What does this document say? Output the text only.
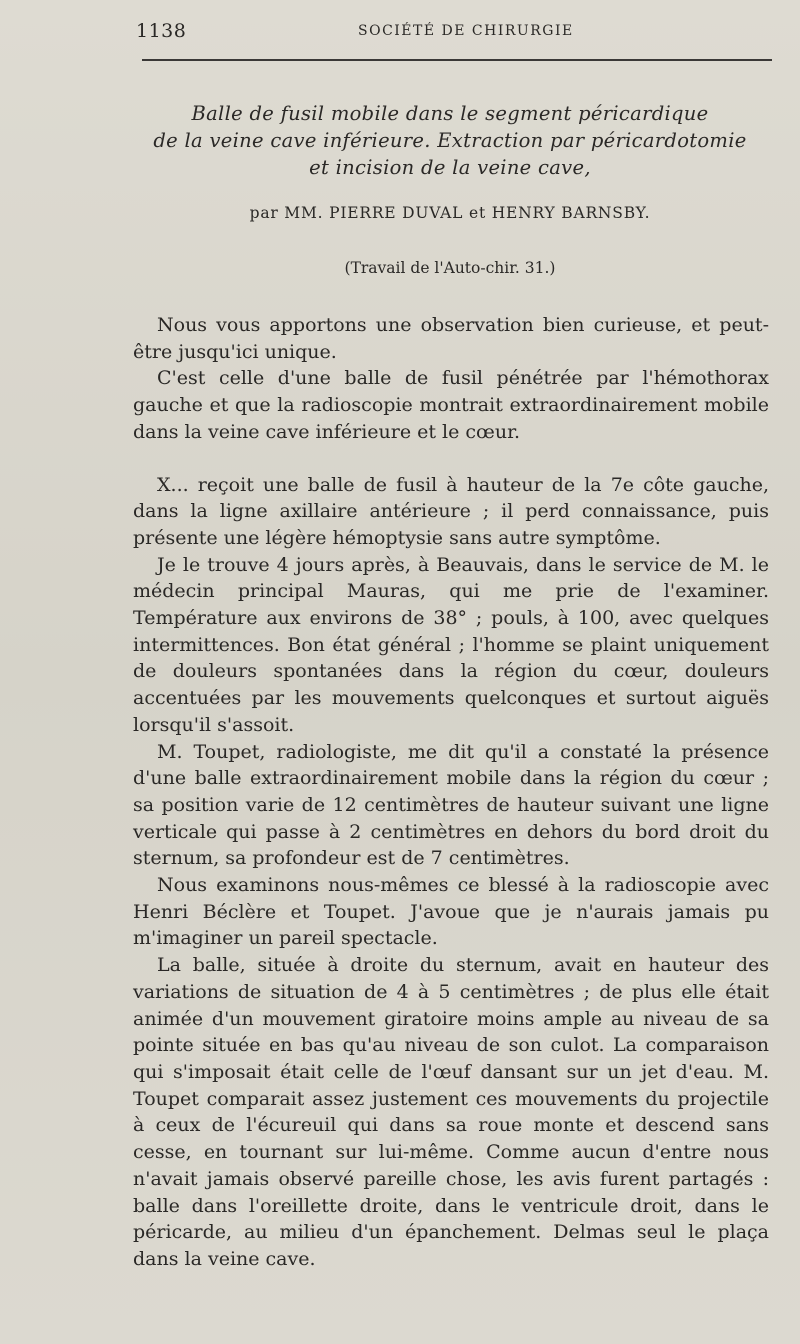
1138	SOCIÉTÉ DE CHIRURGIE
Balle de fusil mobile dans le segment péricardique
de la veine cave inférieure. Extraction par péricardotomie
et incision de la veine cave,
par MM. PIERRE DUVAL et HENRY BARNSBY.
(Travail de l'Auto-chir. 31.)

Nous vous apportons une observation bien curieuse, et peut-être jusqu'ici unique.

C'est celle d'une balle de fusil pénétrée par l'hémothorax gauche et que la radioscopie montrait extraordinairement mobile dans la veine cave inférieure et le cœur.

X... reçoit une balle de fusil à hauteur de la 7e côte gauche, dans la ligne axillaire antérieure ; il perd connaissance, puis présente une légère hémoptysie sans autre symptôme.

Je le trouve 4 jours après, à Beauvais, dans le service de M. le médecin principal Mauras, qui me prie de l'examiner. Température aux environs de 38° ; pouls, à 100, avec quelques intermittences. Bon état général ; l'homme se plaint uniquement de douleurs spontanées dans la région du cœur, douleurs accentuées par les mouvements quelconques et surtout aiguës lorsqu'il s'assoit.

M. Toupet, radiologiste, me dit qu'il a constaté la présence d'une balle extraordinairement mobile dans la région du cœur ; sa position varie de 12 centimètres de hauteur suivant une ligne verticale qui passe à 2 centimètres en dehors du bord droit du sternum, sa profondeur est de 7 centimètres.

Nous examinons nous-mêmes ce blessé à la radioscopie avec Henri Béclère et Toupet. J'avoue que je n'aurais jamais pu m'imaginer un pareil spectacle.

La balle, située à droite du sternum, avait en hauteur des variations de situation de 4 à 5 centimètres ; de plus elle était animée d'un mouvement giratoire moins ample au niveau de sa pointe située en bas qu'au niveau de son culot. La comparaison qui s'imposait était celle de l'œuf dansant sur un jet d'eau. M. Toupet comparait assez justement ces mouvements du projectile à ceux de l'écureuil qui dans sa roue monte et descend sans cesse, en tournant sur lui-même. Comme aucun d'entre nous n'avait jamais observé pareille chose, les avis furent partagés : balle dans l'oreillette droite, dans le ventricule droit, dans le péricarde, au milieu d'un épanchement. Delmas seul le plaça dans la veine cave.
